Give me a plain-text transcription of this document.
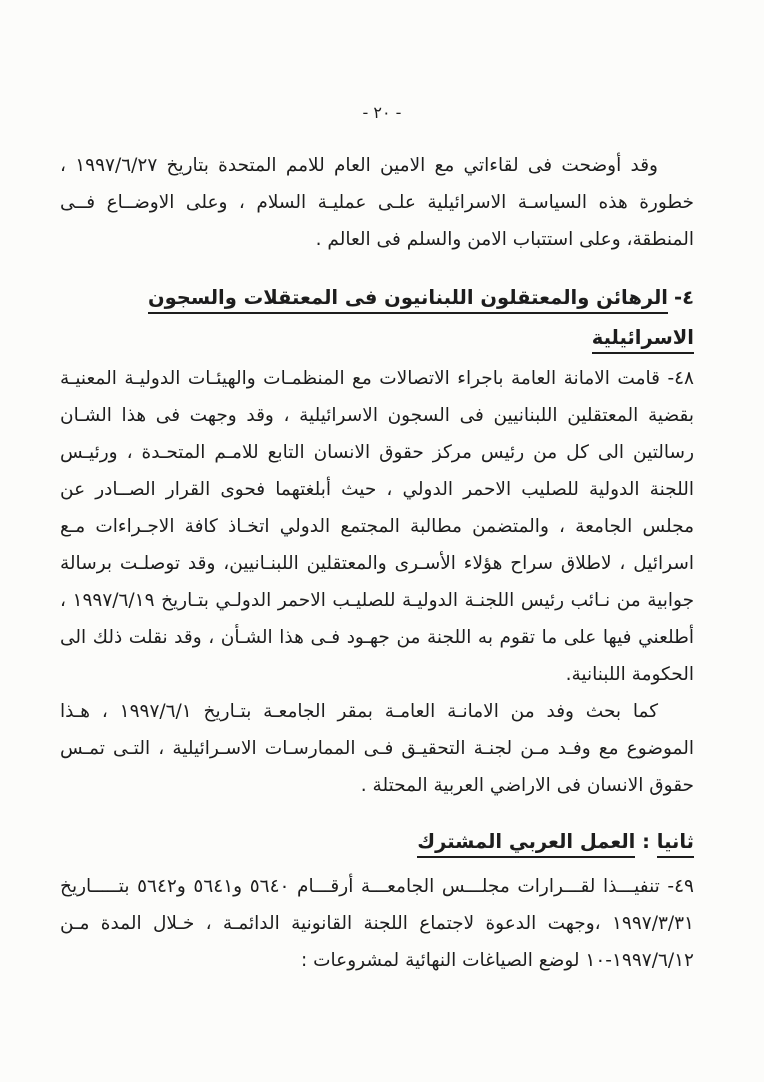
- ٢٠ -

وقد أوضحت فى لقاءاتي مع الامين العام للامم المتحدة بتاريخ ١٩٩٧/٦/٢٧ ، خطورة هذه السياسـة الاسرائيلية علـى عمليـة السلام ، وعلى الاوضــاع فــى المنطقة، وعلى استتباب الامن والسلم فى العالم .

٤-الرهائن والمعتقلون اللبنانيون فى المعتقلات والسجون الاسرائيلية

٤٨- قامت الامانة العامة باجراء الاتصالات مع المنظمـات والهيئـات الدوليـة المعنيـة بقضية المعتقلين اللبنانيين فى السجون الاسرائيلية ، وقد وجهت فى هذا الشـان رسالتين الى كل من رئيس مركز حقوق الانسان التابع للامـم المتحـدة ، ورئيـس اللجنة الدولية للصليب الاحمر الدولي ، حيث أبلغتهما فحوى القرار الصــادر عن مجلس الجامعة ، والمتضمن مطالبة المجتمع الدولي اتخـاذ كافة الاجـراءات مـع اسرائيل ، لاطلاق سراح هؤلاء الأسـرى والمعتقلين اللبنـانيين، وقد توصلـت برسالة جوابية من نـائب رئيس اللجنـة الدوليـة للصليـب الاحمر الدولـي بتـاريخ ١٩٩٧/٦/١٩ ، أطلعني فيها على ما تقوم به اللجنة من جهـود فـى هذا الشـأن ، وقد نقلت ذلك الى الحكومة اللبنانية.

كما بحث وفد من الامانـة العامـة بمقر الجامعـة بتـاريخ ١٩٩٧/٦/١ ، هـذا الموضوع مع وفـد مـن لجنـة التحقيـق فـى الممارسـات الاسـرائيلية ، التـى تمـس حقوق الانسان فى الاراضي العربية المحتلة .

ثانيا : العمل العربي المشترك

٤٩- تنفيـــذا لقـــرارات مجلـــس الجامعـــة أرقـــام ٥٦٤٠ و٥٦٤١ و٥٦٤٢ بتـــــاريخ ١٩٩٧/٣/٣١ ،وجهت الدعوة لاجتماع اللجنة القانونية الدائمـة ، خـلال المدة مـن ١٩٩٧/٦/١٢-١٠ لوضع الصياغات النهائية لمشروعات :
